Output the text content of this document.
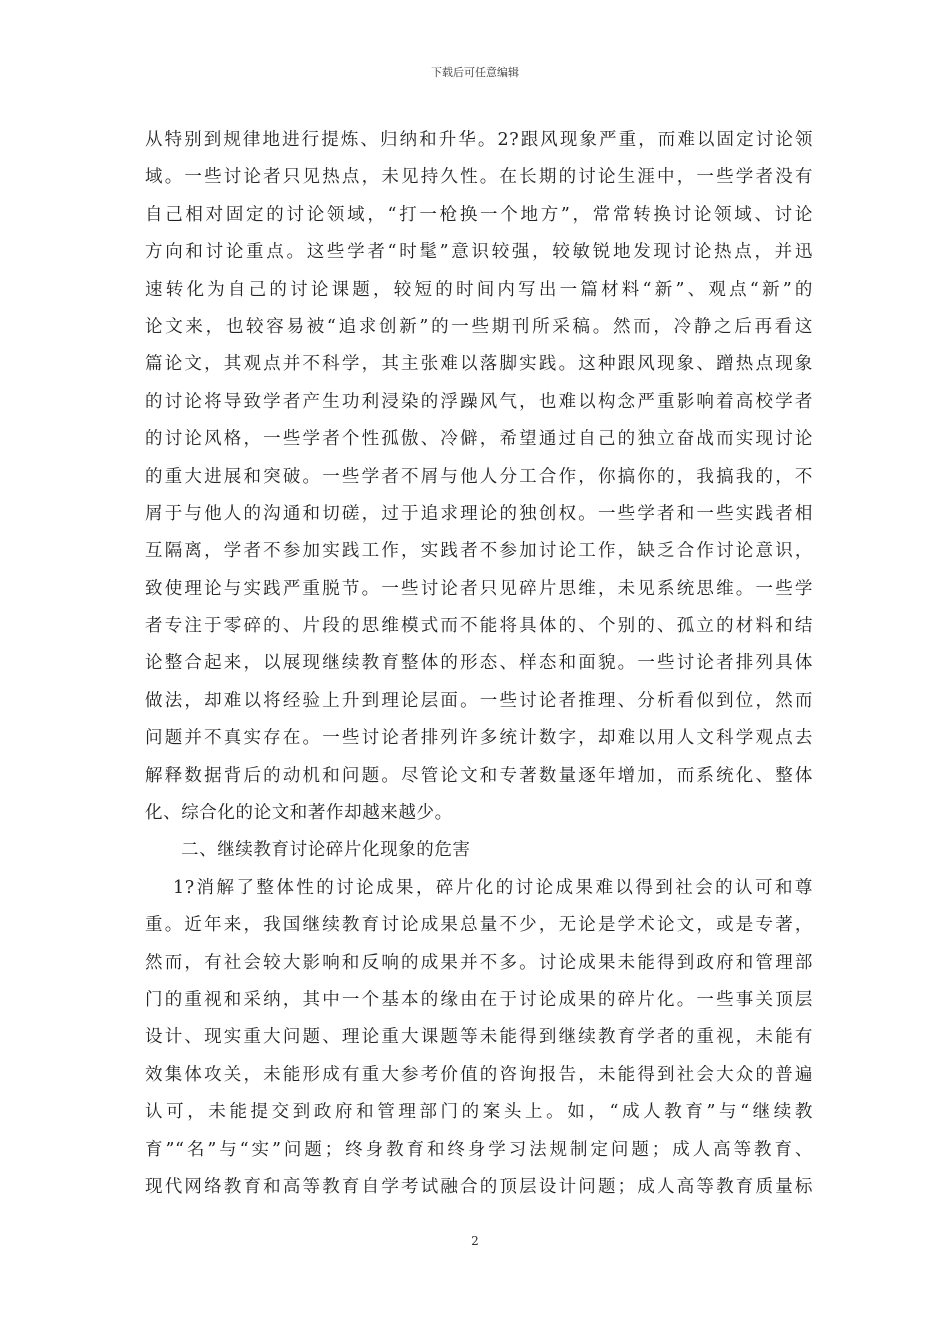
下载后可任意编辑
从特别到规律地进行提炼、归纳和升华。2?跟风现象严重，而难以固定讨论领
域。一些讨论者只见热点，未见持久性。在长期的讨论生涯中，一些学者没有
自己相对固定的讨论领域，“打一枪换一个地方”，常常转换讨论领域、讨论
方向和讨论重点。这些学者“时髦”意识较强，较敏锐地发现讨论热点，并迅
速转化为自己的讨论课题，较短的时间内写出一篇材料“新”、观点“新”的
论文来，也较容易被“追求创新”的一些期刊所采稿。然而，冷静之后再看这
篇论文，其观点并不科学，其主张难以落脚实践。这种跟风现象、蹭热点现象
的讨论将导致学者产生功利浸染的浮躁风气，也难以构念严重影响着高校学者
的讨论风格，一些学者个性孤傲、冷僻，希望通过自己的独立奋战而实现讨论
的重大进展和突破。一些学者不屑与他人分工合作，你搞你的，我搞我的，不
屑于与他人的沟通和切磋，过于追求理论的独创权。一些学者和一些实践者相
互隔离，学者不参加实践工作，实践者不参加讨论工作，缺乏合作讨论意识，
致使理论与实践严重脱节。一些讨论者只见碎片思维，未见系统思维。一些学
者专注于零碎的、片段的思维模式而不能将具体的、个别的、孤立的材料和结
论整合起来，以展现继续教育整体的形态、样态和面貌。一些讨论者排列具体
做法，却难以将经验上升到理论层面。一些讨论者推理、分析看似到位，然而
问题并不真实存在。一些讨论者排列许多统计数字，却难以用人文科学观点去
解释数据背后的动机和问题。尽管论文和专著数量逐年增加，而系统化、整体
化、综合化的论文和著作却越来越少。
二、继续教育讨论碎片化现象的危害
1?消解了整体性的讨论成果，碎片化的讨论成果难以得到社会的认可和尊
重。近年来，我国继续教育讨论成果总量不少，无论是学术论文，或是专著，
然而，有社会较大影响和反响的成果并不多。讨论成果未能得到政府和管理部
门的重视和采纳，其中一个基本的缘由在于讨论成果的碎片化。一些事关顶层
设计、现实重大问题、理论重大课题等未能得到继续教育学者的重视，未能有
效集体攻关，未能形成有重大参考价值的咨询报告，未能得到社会大众的普遍
认可，未能提交到政府和管理部门的案头上。如，“成人教育”与“继续教
育”“名”与“实”问题；终身教育和终身学习法规制定问题；成人高等教育、
现代网络教育和高等教育自学考试融合的顶层设计问题；成人高等教育质量标
2
